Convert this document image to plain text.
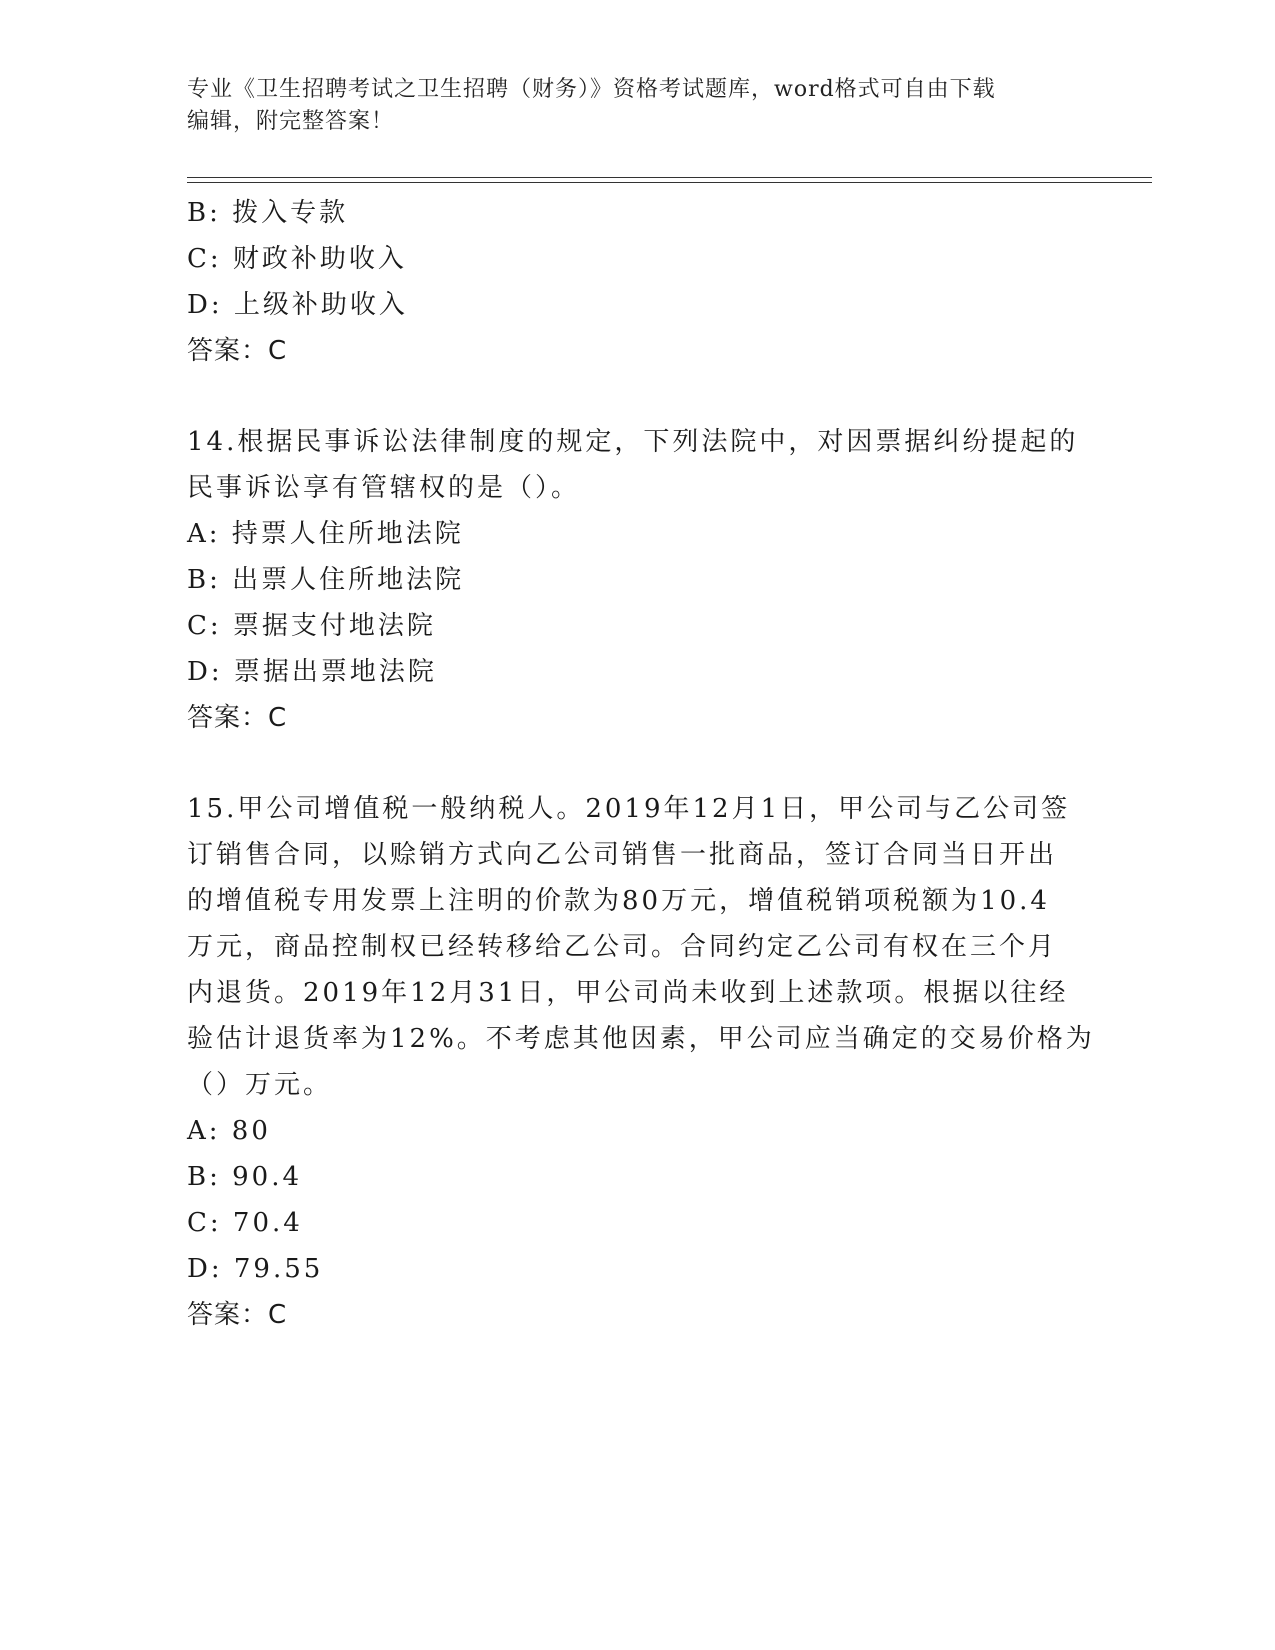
专业《卫生招聘考试之卫生招聘（财务）》资格考试题库，word格式可自由下载
编辑，附完整答案！
B: 拨入专款
C: 财政补助收入
D: 上级补助收入
答案：C
14.根据民事诉讼法律制度的规定，下列法院中，对因票据纠纷提起的
民事诉讼享有管辖权的是（）。
A: 持票人住所地法院
B: 出票人住所地法院
C: 票据支付地法院
D: 票据出票地法院
答案：C
15.甲公司增值税一般纳税人。2019年12月1日，甲公司与乙公司签
订销售合同，以赊销方式向乙公司销售一批商品，签订合同当日开出
的增值税专用发票上注明的价款为80万元，增值税销项税额为10.4
万元，商品控制权已经转移给乙公司。合同约定乙公司有权在三个月
内退货。2019年12月31日，甲公司尚未收到上述款项。根据以往经
验估计退货率为12%。不考虑其他因素，甲公司应当确定的交易价格为
（）万元。
A: 80
B: 90.4
C: 70.4
D: 79.55
答案：C
